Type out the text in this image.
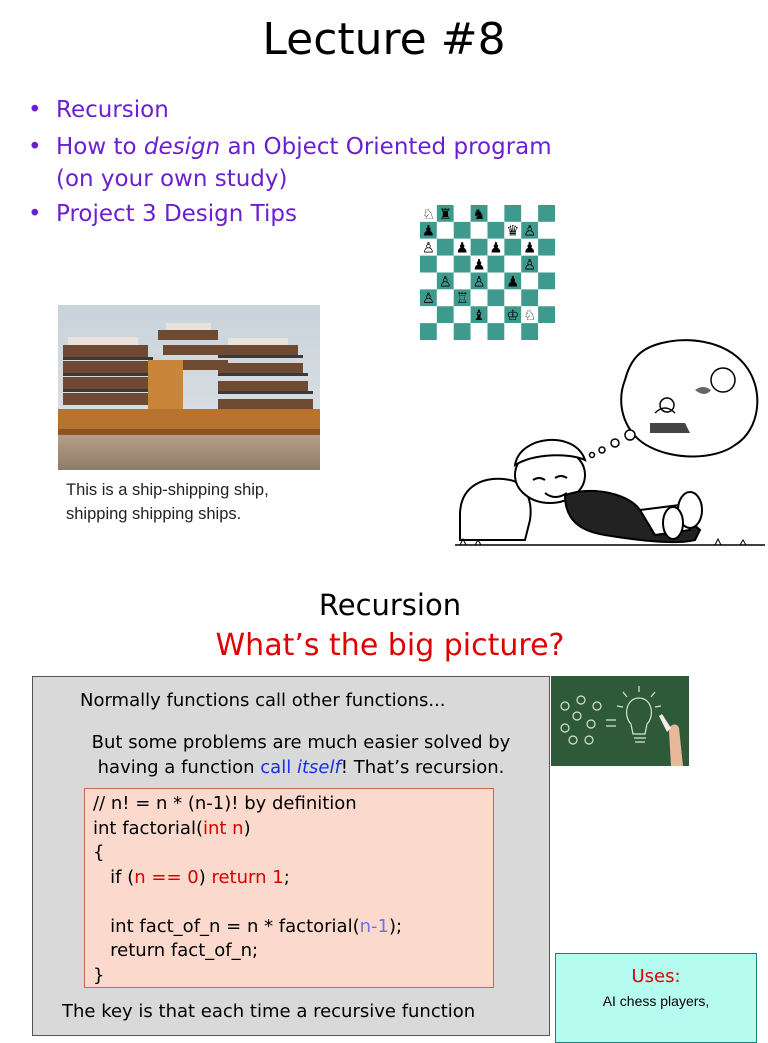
Lecture #8
• Recursion
• How to design an Object Oriented program
(on your own study)
• Project 3 Design Tips
This is a ship-shipping ship,
shipping shipping ships.
Recursion
What’s the big picture?
Normally functions call other functions...
But some problems are much easier solved by
having a function call itself! That’s recursion.
// n! = n * (n-1)! by definition
int factorial(int n)
{
if (n == 0) return 1;
int fact_of_n = n * factorial(n-1);
return fact_of_n;
}
The key is that each time a recursive function
Uses:
AI chess players,
